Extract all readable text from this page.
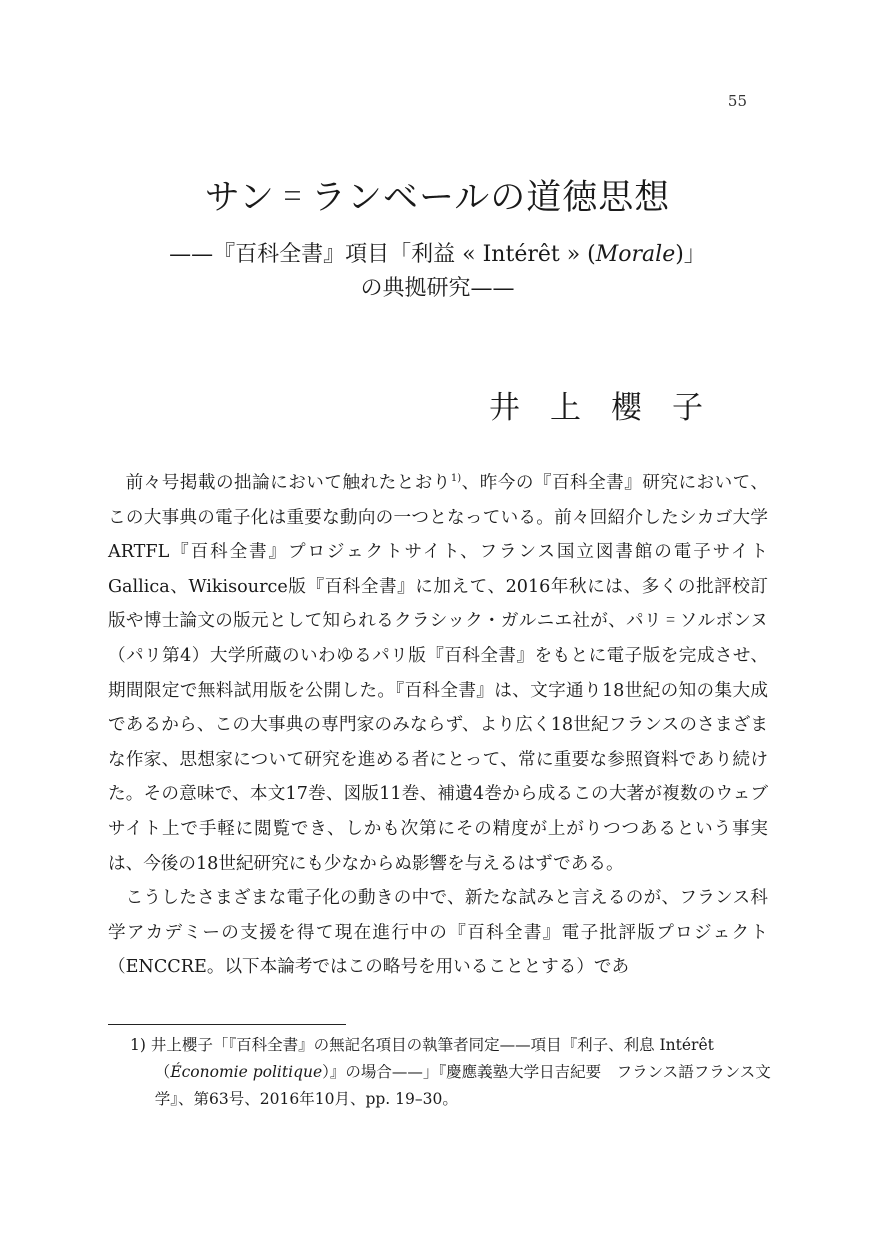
55
サン゠ランベールの道徳思想
——『百科全書』項目「利益 « Intérêt » (Morale)」
の典拠研究——
井上櫻子

前々号掲載の拙論において触れたとおり$^{1)}$、昨今の『百科全書』研究において、この大事典の電子化は重要な動向の一つとなっている。前々回紹介したシカゴ大学ARTFL『百科全書』プロジェクトサイト、フランス国立図書館の電子サイトGallica、Wikisource版『百科全書』に加えて、2016年秋には、多くの批評校訂版や博士論文の版元として知られるクラシック・ガルニエ社が、パリ゠ソルボンヌ（パリ第4）大学所蔵のいわゆるパリ版『百科全書』をもとに電子版を完成させ、期間限定で無料試用版を公開した。『百科全書』は、文字通り18世紀の知の集大成であるから、この大事典の専門家のみならず、より広く18世紀フランスのさまざまな作家、思想家について研究を進める者にとって、常に重要な参照資料であり続けた。その意味で、本文17巻、図版11巻、補遺4巻から成るこの大著が複数のウェブサイト上で手軽に閲覧でき、しかも次第にその精度が上がりつつあるという事実は、今後の18世紀研究にも少なからぬ影響を与えるはずである。

こうしたさまざまな電子化の動きの中で、新たな試みと言えるのが、フランス科学アカデミーの支援を得て現在進行中の『百科全書』電子批評版プロジェクト（ENCCRE。以下本論考ではこの略号を用いることとする）であ

1) 井上櫻子「『百科全書』の無記名項目の執筆者同定——項目『利子、利息 Intérêt（Économie politique）』の場合——」『慶應義塾大学日吉紀要　フランス語フランス文学』、第63号、2016年10月、pp. 19–30。
